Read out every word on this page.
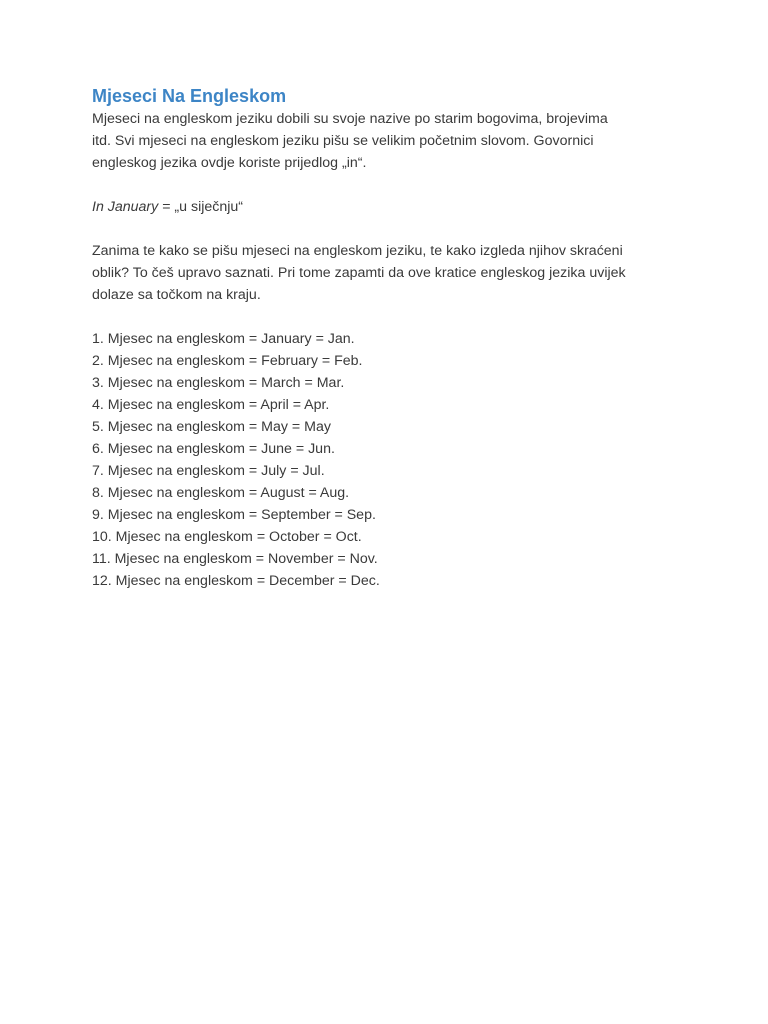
Mjeseci Na Engleskom

Mjeseci na engleskom jeziku dobili su svoje nazive po starim bogovima, brojevima
itd. Svi mjeseci na engleskom jeziku pišu se velikim početnim slovom. Govornici
engleskog jezika ovdje koriste prijedlog „in“.

In January = „u siječnju“

Zanima te kako se pišu mjeseci na engleskom jeziku, te kako izgleda njihov skraćeni
oblik? To češ upravo saznati. Pri tome zapamti da ove kratice engleskog jezika uvijek
dolaze sa točkom na kraju.

1. Mjesec na engleskom = January = Jan.
2. Mjesec na engleskom = February = Feb.
3. Mjesec na engleskom = March = Mar.
4. Mjesec na engleskom = April = Apr.
5. Mjesec na engleskom = May = May
6. Mjesec na engleskom = June = Jun.
7. Mjesec na engleskom = July = Jul.
8. Mjesec na engleskom = August = Aug.
9. Mjesec na engleskom = September = Sep.
10. Mjesec na engleskom = October = Oct.
11. Mjesec na engleskom = November = Nov.
12. Mjesec na engleskom = December = Dec.
